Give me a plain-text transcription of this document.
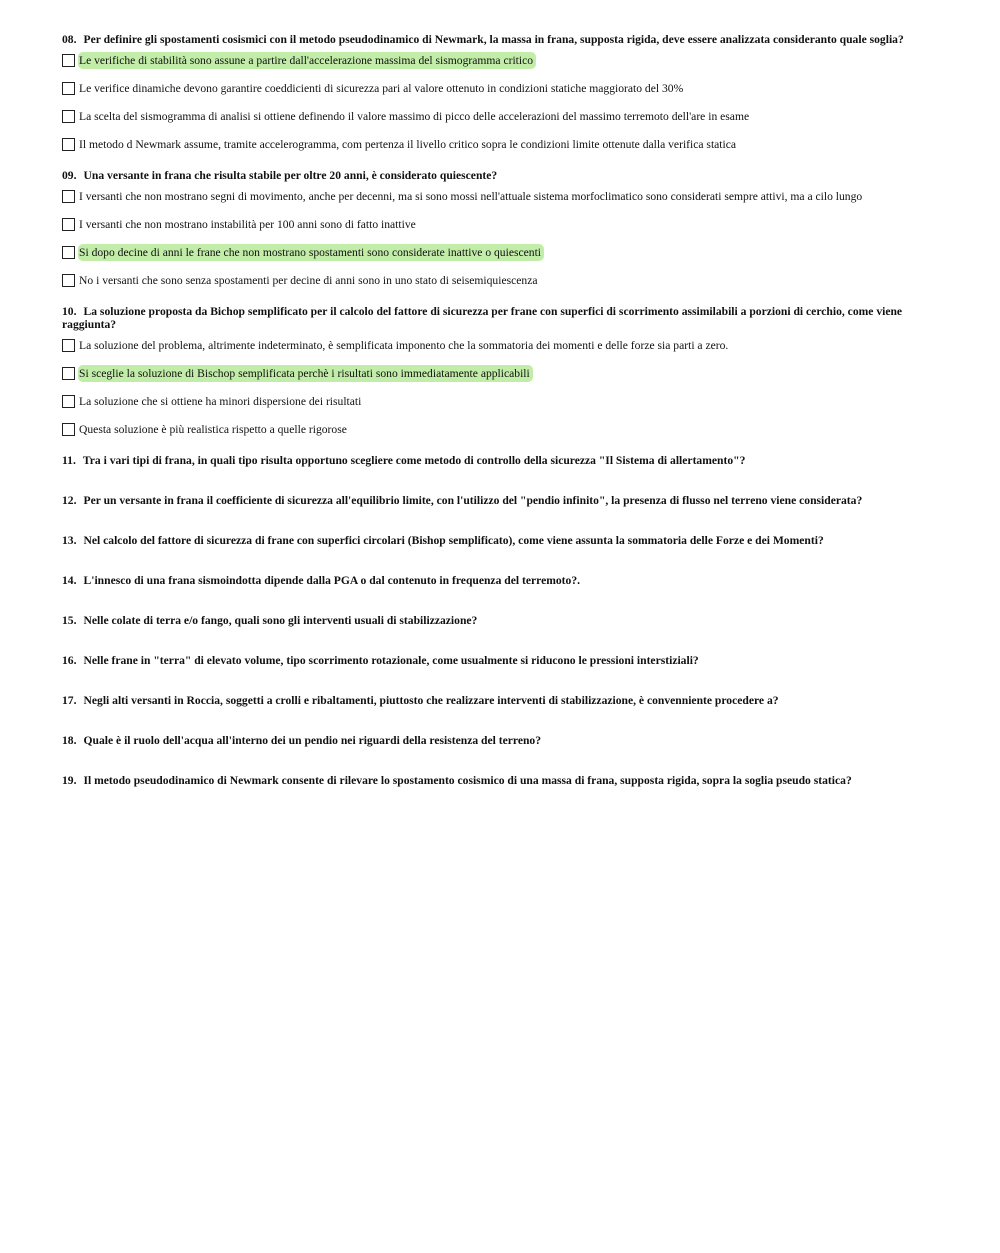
08. Per definire gli spostamenti cosismici con il metodo pseudodinamico di Newmark, la massa in frana, supposta rigida, deve essere analizzata consideranto quale soglia?

Le verifiche di stabilità sono assune a partire dall'accelerazione massima del sismogramma critico
Le verifice dinamiche devono garantire coeddicienti di sicurezza pari al valore ottenuto in condizioni statiche maggiorato del 30%
La scelta del sismogramma di analisi si ottiene definendo il valore massimo di picco delle accelerazioni del massimo terremoto dell'are in esame
Il metodo d Newmark assume, tramite accelerogramma, com pertenza il livello critico sopra le condizioni limite ottenute dalla verifica statica

09. Una versante in frana che risulta stabile per oltre 20 anni, è considerato quiescente?

I versanti che non mostrano segni di movimento, anche per decenni, ma si sono mossi nell'attuale sistema morfoclimatico sono considerati sempre attivi, ma a cilo lungo
I versanti che non mostrano instabilità per 100 anni sono di fatto inattive
Si dopo decine di anni le frane che non mostrano spostamenti sono considerate inattive o quiescenti
No i versanti che sono senza spostamenti per decine di anni sono in uno stato di seisemiquiescenza

10. La soluzione proposta da Bichop semplificato per il calcolo del fattore di sicurezza per frane con superfici di scorrimento assimilabili a porzioni di cerchio, come viene raggiunta?

La soluzione del problema, altrimente indeterminato, è semplificata imponento che la sommatoria dei momenti e delle forze sia parti a zero.
Si sceglie la soluzione di Bischop semplificata perchè i risultati sono immediatamente applicabili
La soluzione che si ottiene ha minori dispersione dei risultati
Questa soluzione è più realistica rispetto a quelle rigorose

11. Tra i vari tipi di frana, in quali tipo risulta opportuno scegliere come metodo di controllo della sicurezza "Il Sistema di allertamento"?

12. Per un versante in frana il coefficiente di sicurezza all'equilibrio limite, con l'utilizzo del "pendio infinito", la presenza di flusso nel terreno viene considerata?

13. Nel calcolo del fattore di sicurezza di frane con superfici circolari (Bishop semplificato), come viene assunta la sommatoria delle Forze e dei Momenti?

14. L'innesco di una frana sismoindotta dipende dalla PGA o dal contenuto in frequenza del terremoto?.

15. Nelle colate di terra e/o fango, quali sono gli interventi usuali di stabilizzazione?

16. Nelle frane in "terra" di elevato volume, tipo scorrimento rotazionale, come usualmente si riducono le pressioni interstiziali?

17. Negli alti versanti in Roccia, soggetti a crolli e ribaltamenti, piuttosto che realizzare interventi di stabilizzazione, è convenniente procedere a?

18. Quale è il ruolo dell'acqua all'interno dei un pendio nei riguardi della resistenza del terreno?

19. Il metodo pseudodinamico di Newmark consente di rilevare lo spostamento cosismico di una massa di frana, supposta rigida, sopra la soglia pseudo statica?
